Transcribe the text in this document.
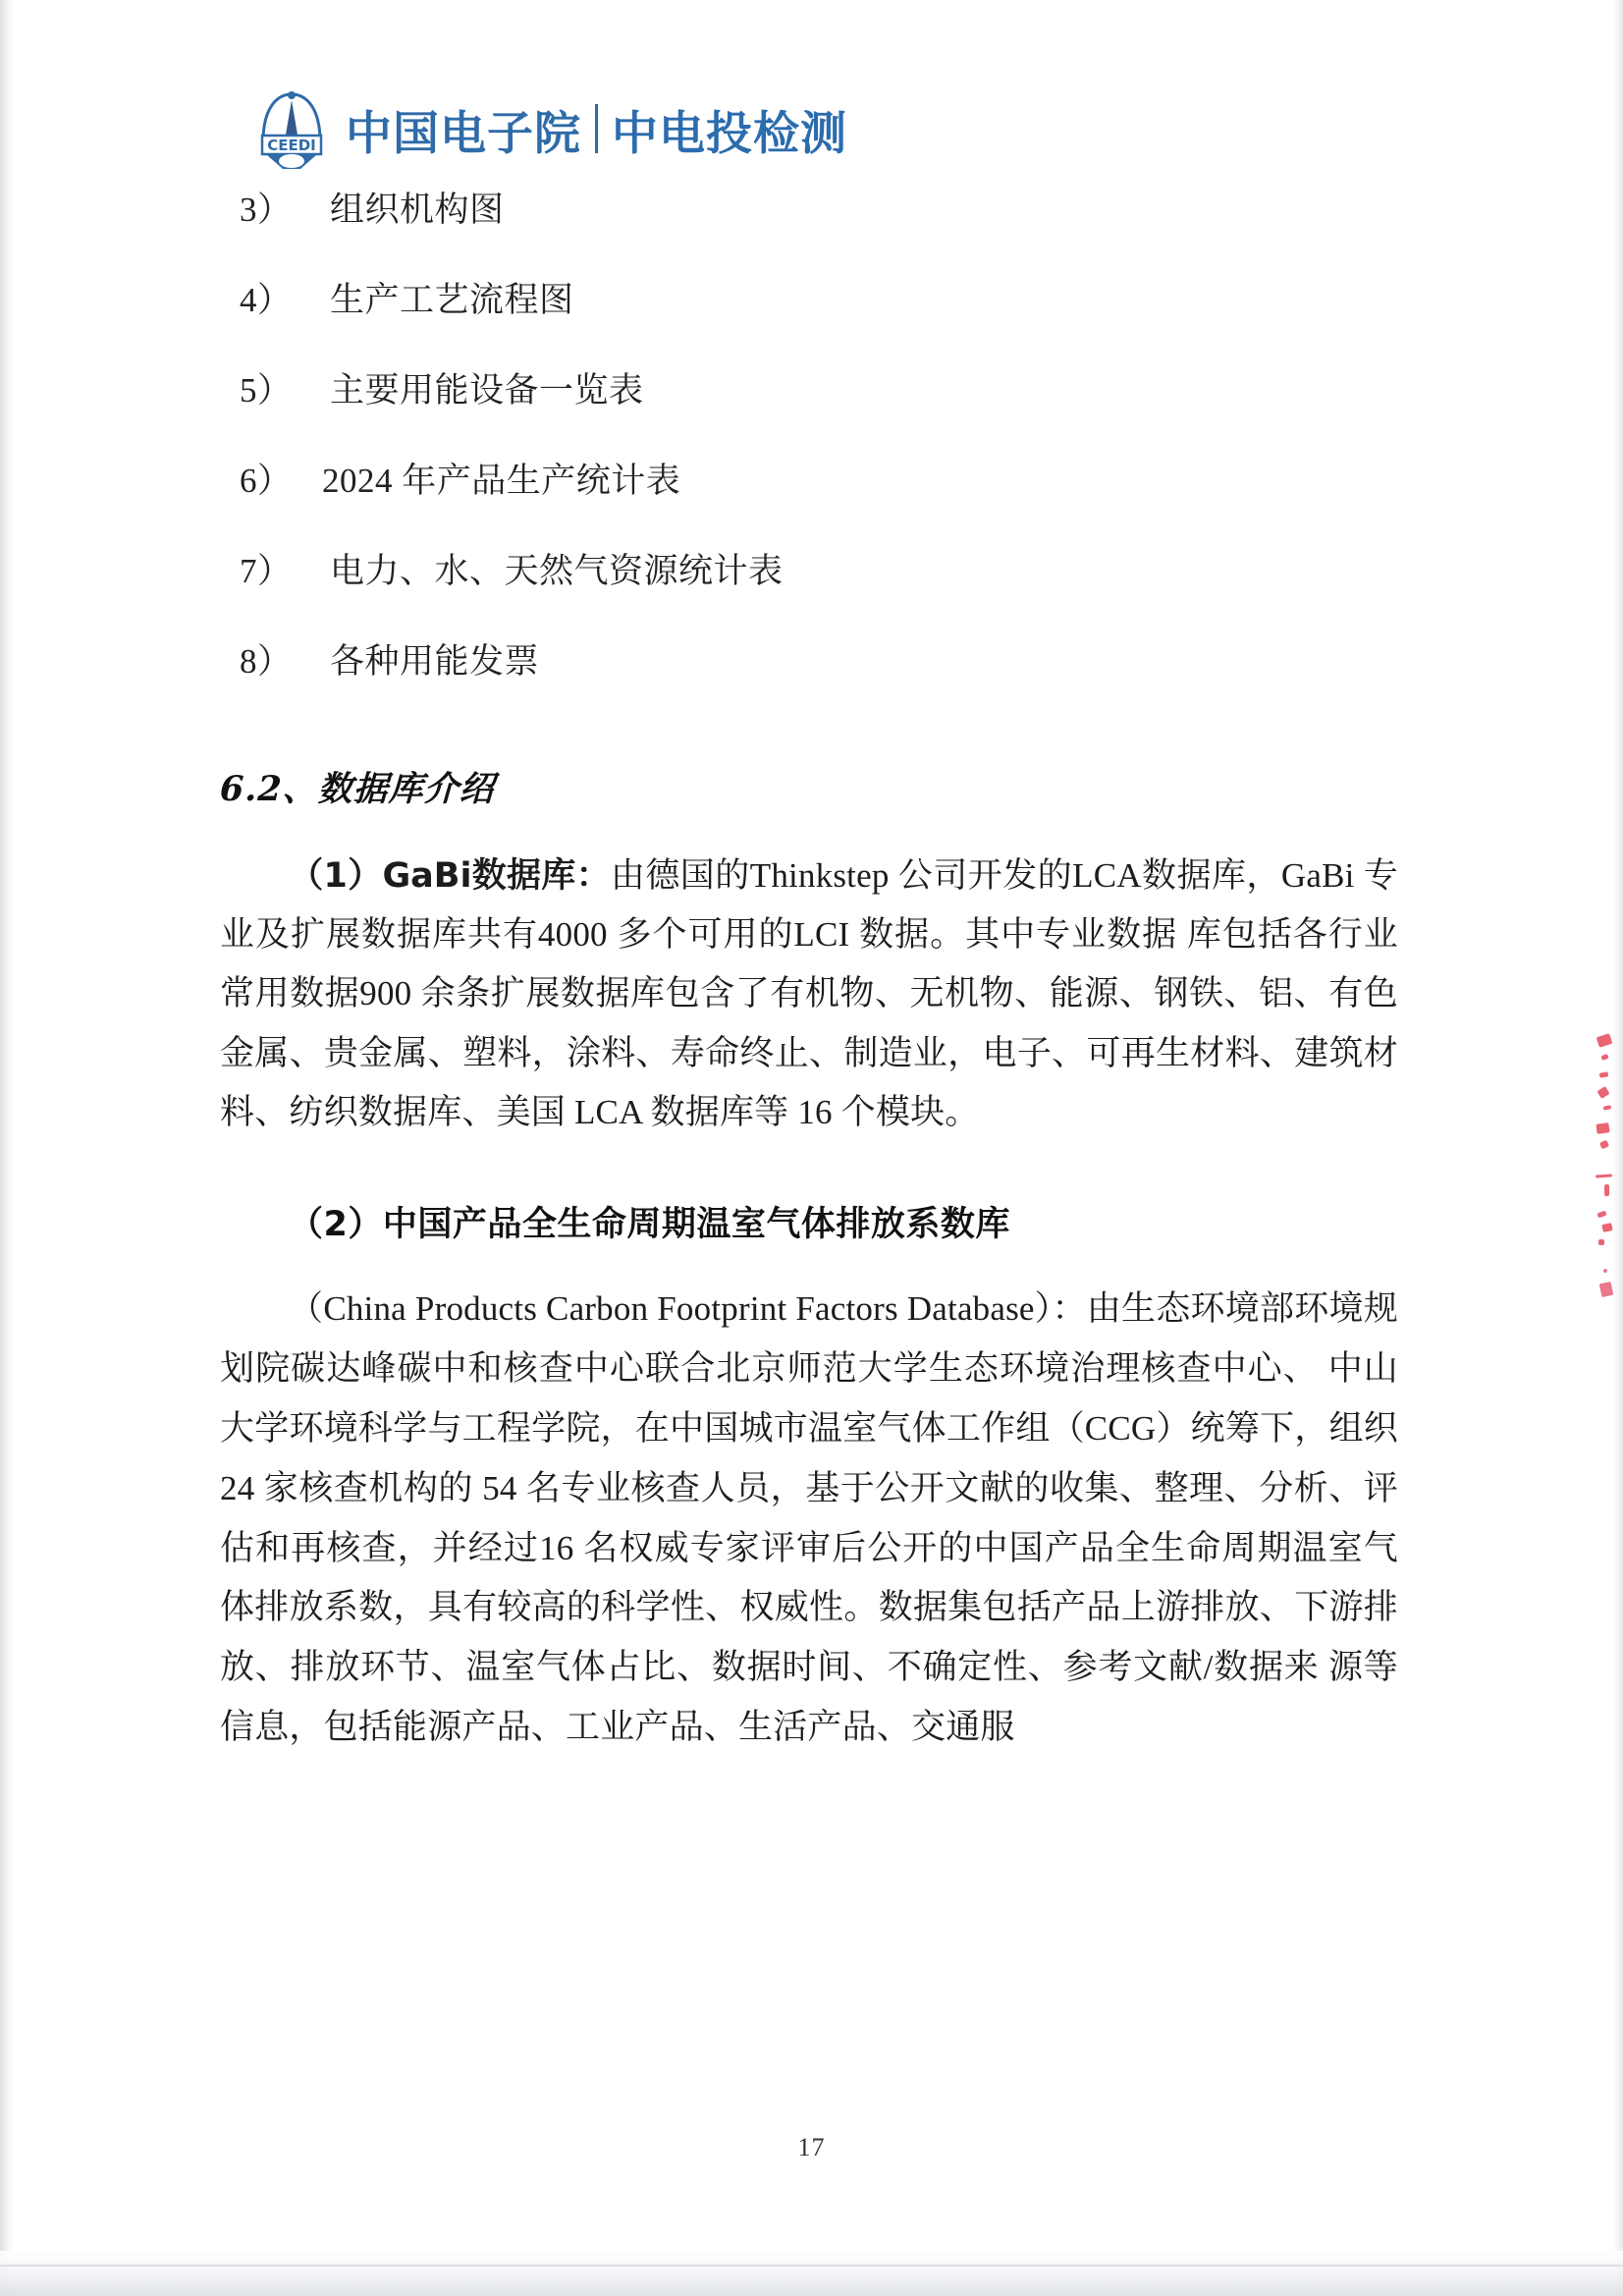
CEEDI 中国电子院 中电投检测
3）	组织机构图
4）	生产工艺流程图
5）	主要用能设备一览表
6） 2024 年产品生产统计表
7）	电力、水、天然气资源统计表
8）	各种用能发票
6.2、数据库介绍

（1）GaBi数据库：由德国的Thinkstep 公司开发的LCA数据库，GaBi 专业及扩展数据库共有4000 多个可用的LCI 数据。其中专业数据 库包括各行业常用数据900 余条扩展数据库包含了有机物、无机物、能源、钢铁、铝、有色金属、贵金属、塑料，涂料、寿命终止、制造业，电子、可再生材料、建筑材料、纺织数据库、美国 LCA 数据库等 16 个模块。

（2）中国产品全生命周期温室气体排放系数库

（China Products Carbon Footprint Factors Database）：由生态环境部环境规划院碳达峰碳中和核查中心联合北京师范大学生态环境治理核查中心、 中山大学环境科学与工程学院，在中国城市温室气体工作组（CCG）统筹下，组织 24 家核查机构的 54 名专业核查人员，基于公开文献的收集、整理、分析、评估和再核查，并经过16 名权威专家评审后公开的中国产品全生命周期温室气体排放系数，具有较高的科学性、权威性。数据集包括产品上游排放、下游排放、排放环节、温室气体占比、数据时间、不确定性、参考文献/数据来 源等信息，包括能源产品、工业产品、生活产品、交通服

17
